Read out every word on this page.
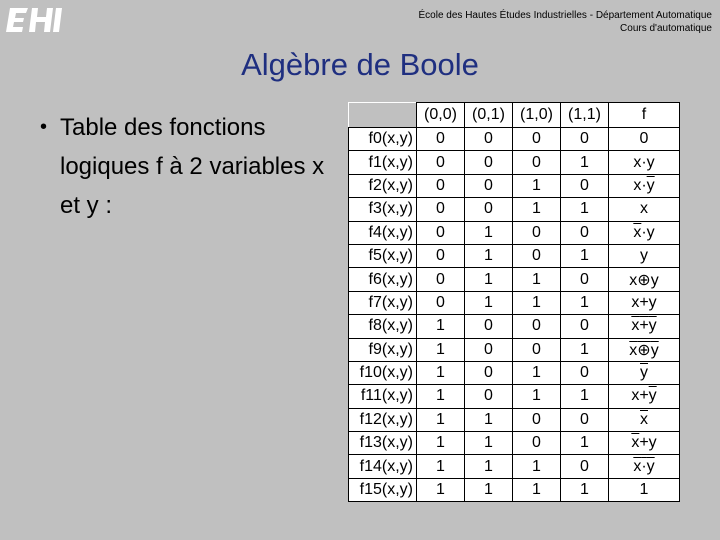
École des Hautes Études Industrielles - Département Automatique
Cours d'automatique
Algèbre de Boole
• Table des fonctions logiques f à 2 variables x et y :
	(0,0)	(0,1)	(1,0)	(1,1)	f
f0(x,y)	0	0	0	0	0
f1(x,y)	0	0	0	1	x·y
f2(x,y)	0	0	1	0	$x\cdot\overline{y}$
f3(x,y)	0	0	1	1	x
f4(x,y)	0	1	0	0	$\overline{x}\cdot y$
f5(x,y)	0	1	0	1	y
f6(x,y)	0	1	1	0	x⊕y
f7(x,y)	0	1	1	1	x+y
f8(x,y)	1	0	0	0	$\overline{x}+\overline{y}$
f9(x,y)	1	0	0	1	$\overline{x}\oplus\overline{y}$
f10(x,y)	1	0	1	0	$\overline{y}$
f11(x,y)	1	0	1	1	$x+\overline{y}$
f12(x,y)	1	1	0	0	$\overline{x}$
f13(x,y)	1	1	0	1	$\overline{x}+y$
f14(x,y)	1	1	1	0	$\overline{x}\cdot\overline{y}$
f15(x,y)	1	1	1	1	1
